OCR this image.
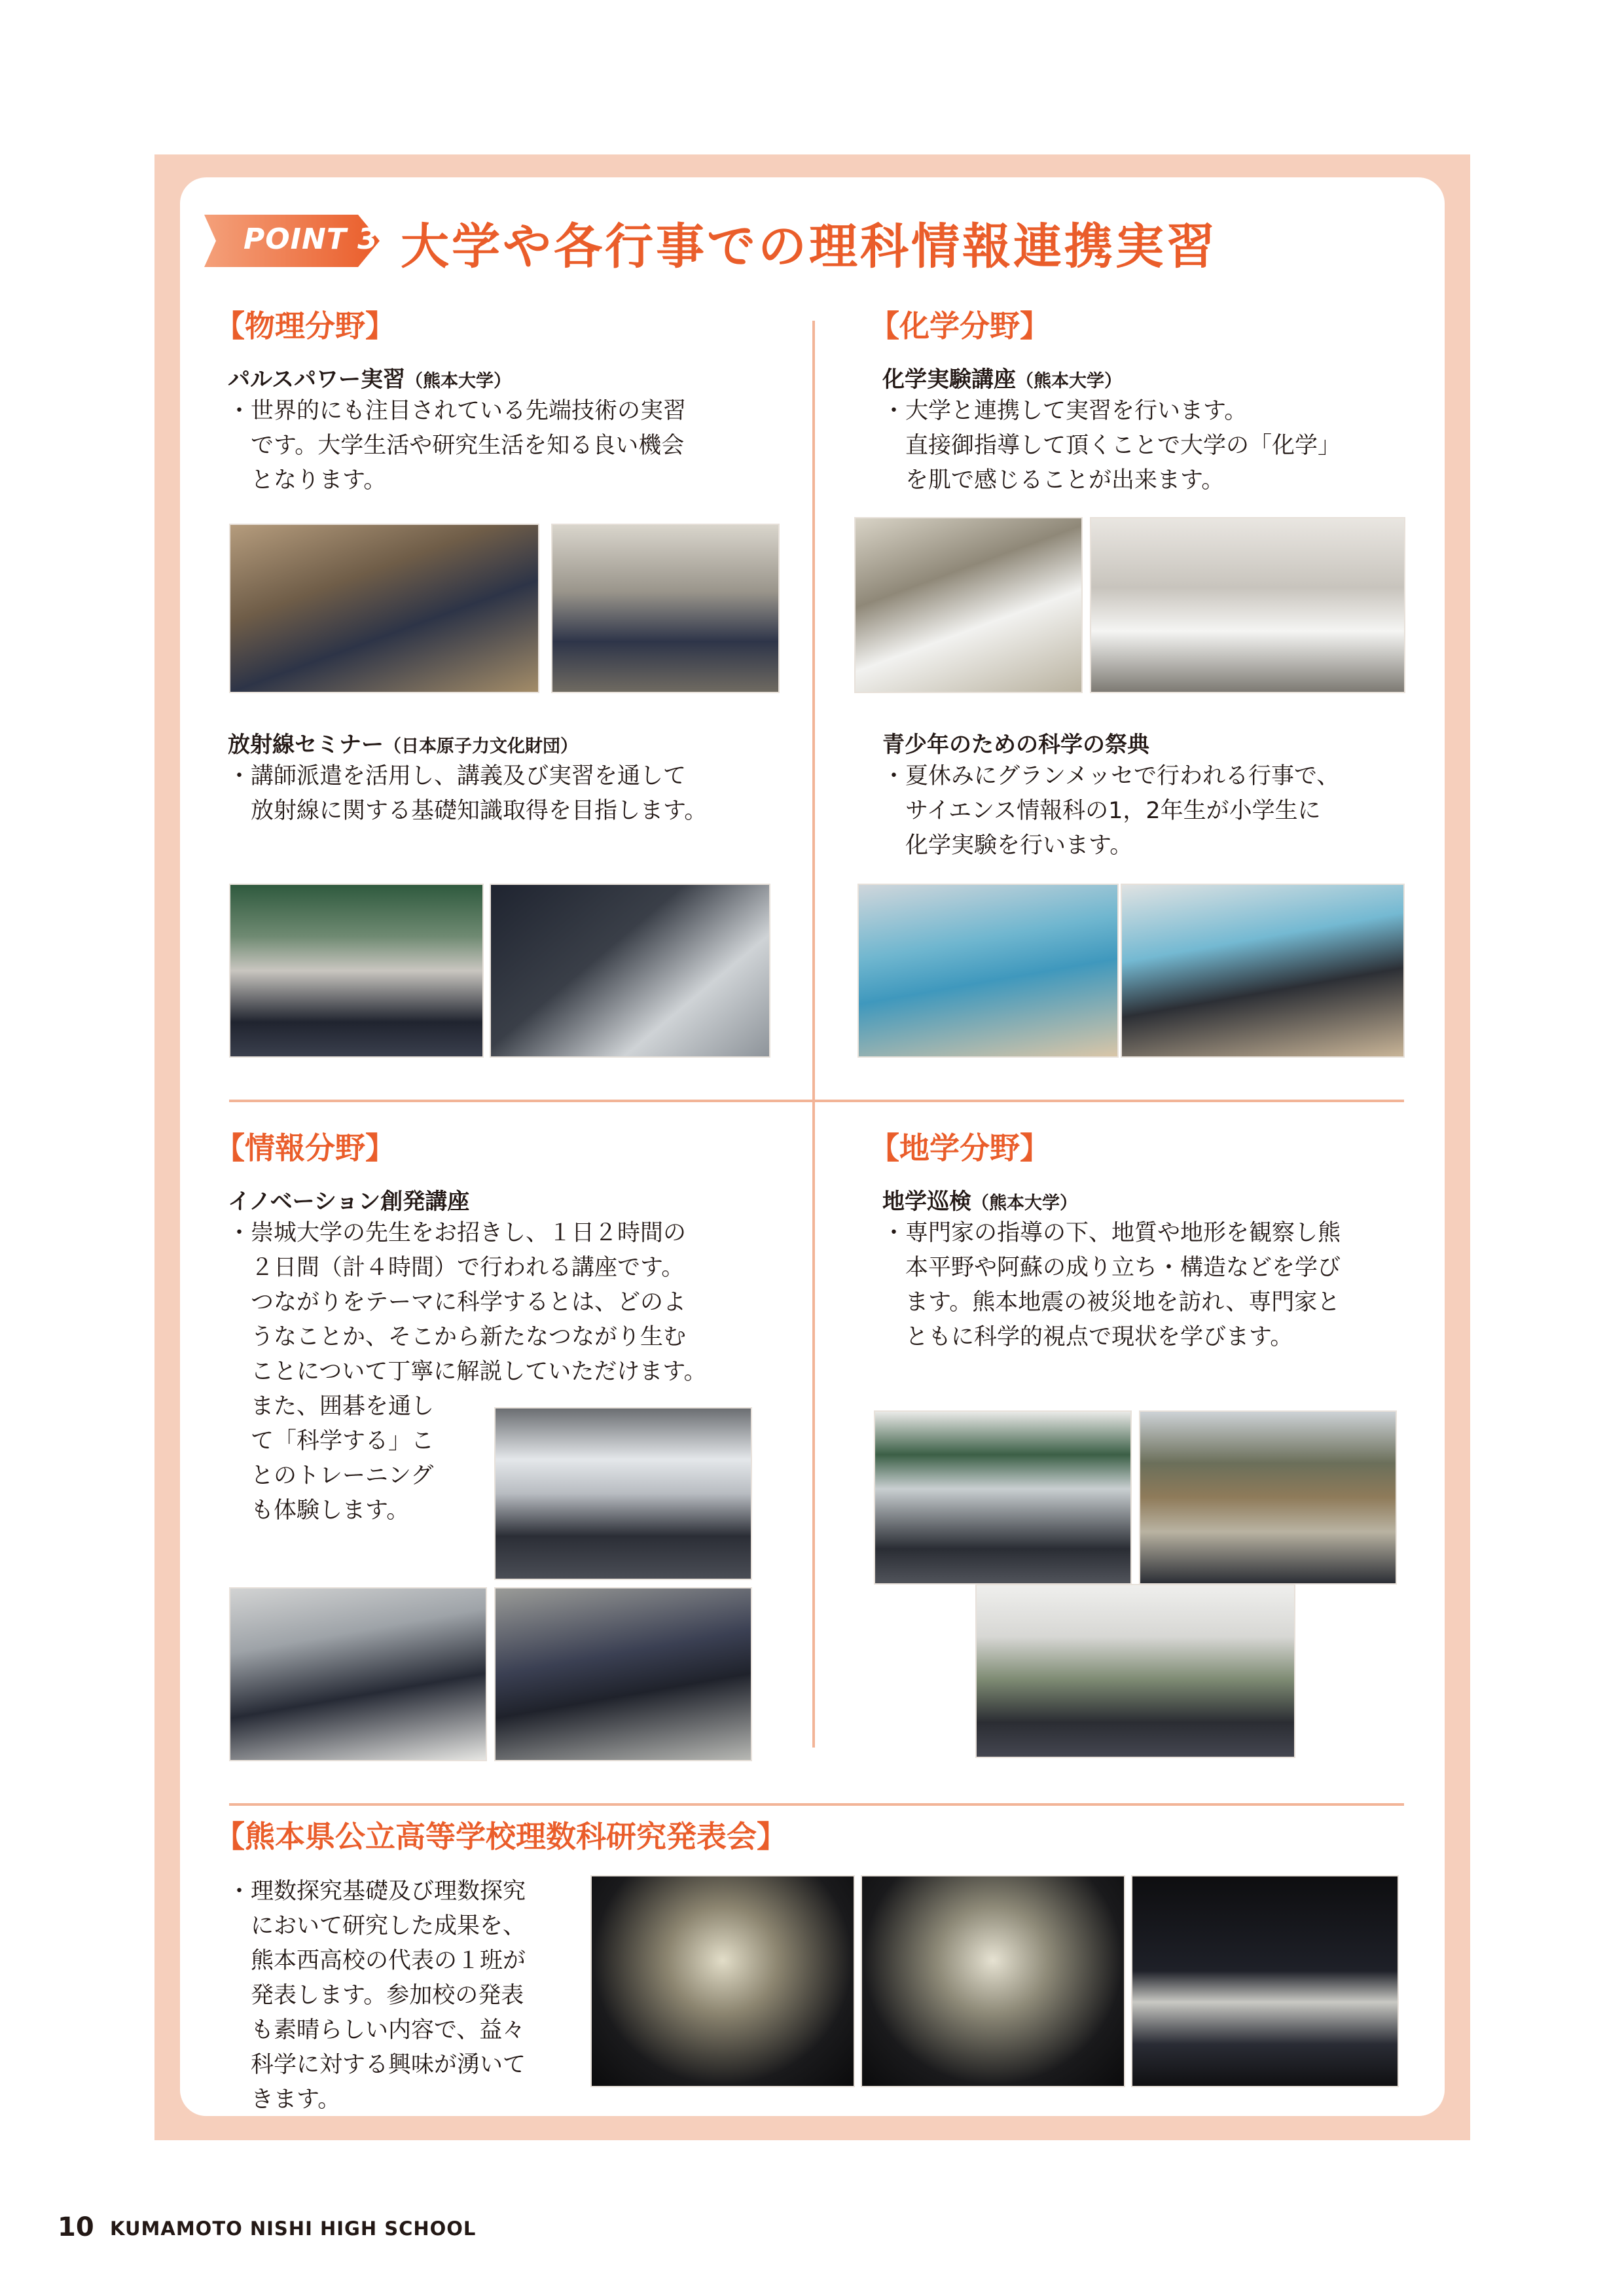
POINT 3 大学や各行事での理科情報連携実習
【物理分野】
パルスパワー実習（熊本大学）
・世界的にも注目されている先端技術の実習
　です。大学生活や研究生活を知る良い機会
　となります。
放射線セミナー（日本原子力文化財団）
・講師派遣を活用し、講義及び実習を通して
　放射線に関する基礎知識取得を目指します。
【化学分野】
化学実験講座（熊本大学）
・大学と連携して実習を行います。
　直接御指導して頂くことで大学の「化学」
　を肌で感じることが出来ます。
青少年のための科学の祭典
・夏休みにグランメッセで行われる行事で、
　サイエンス情報科の1，2年生が小学生に
　化学実験を行います。
【情報分野】
イノベーション創発講座
・崇城大学の先生をお招きし、１日２時間の
　２日間（計４時間）で行われる講座です。
　つながりをテーマに科学するとは、どのよ
　うなことか、そこから新たなつながり生む
　ことについて丁寧に解説していただけます。
　また、囲碁を通し
　て「科学する」こ
　とのトレーニング
　も体験します。
【地学分野】
地学巡検（熊本大学）
・専門家の指導の下、地質や地形を観察し熊
　本平野や阿蘇の成り立ち・構造などを学び
　ます。熊本地震の被災地を訪れ、専門家と
　ともに科学的視点で現状を学びます。
【熊本県公立高等学校理数科研究発表会】
・理数探究基礎及び理数探究
　において研究した成果を、
　熊本西高校の代表の１班が
　発表します。参加校の発表
　も素晴らしい内容で、益々
　科学に対する興味が湧いて
　きます。
10 KUMAMOTO NISHI HIGH SCHOOL
